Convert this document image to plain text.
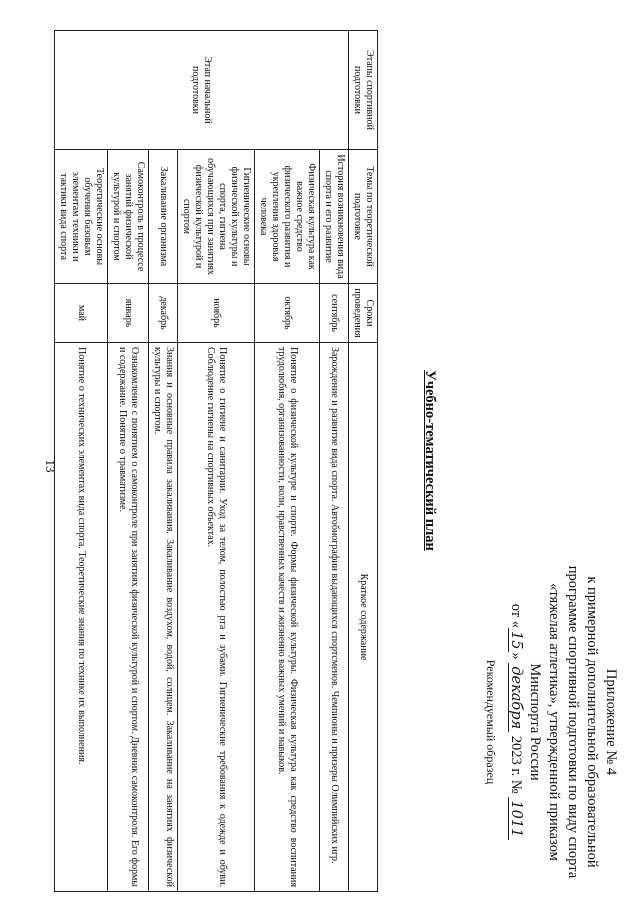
13
Приложение № 4
к примерной дополнительной образовательной
программе спортивной подготовки по виду спорта
«тяжелая атлетика», утвержденной приказом
Минспорта России
от «15» декабря 2023 г. № 1011
Рекомендуемый образец
Учебно-тематический план
Этапы спортивной подготовки	Темы по теоретической подготовке	Сроки проведения	Краткое содержание
Этап начальной подготовки	История возникновения вида спорта и его развитие	сентябрь	Зарождение и развитие вида спорта. Автобиографии выдающихся спортсменов. Чемпионы и призеры Олимпийских игр.
	Физическая культура как важное средство физического развития и укрепления здоровья человека	октябрь	Понятие о физической культуре и спорте. Формы физической культуры. Физическая культура как средство воспитания трудолюбия, организованности, воли, нравственных качеств и жизненно важных умений и навыков.
	Гигиенические основы физической культуры и спорта, гигиена обучающихся при занятиях физической культурой и спортом	ноябрь	Понятие о гигиене и санитарии. Уход за телом, полостью рта и зубами. Гигиенические требования к одежде и обуви. Соблюдение гигиены на спортивных объектах.
	Закаливание организма	декабрь	Знания и основные правила закаливания. Закаливание воздухом, водой, солнцем. Закаливание на занятиях физической культуры и спортом.
	Самоконтроль в процессе занятий физической культурой и спортом	январь	Ознакомление с понятием о самоконтроле при занятиях физической культурой и спортом. Дневник самоконтроля. Его формы и содержание. Понятие о травматизме.
	Теоретические основы обучения базовым элементам техники и тактики вида спорта	май	Понятие о технических элементах вида спорта. Теоретические знания по технике их выполнения.
